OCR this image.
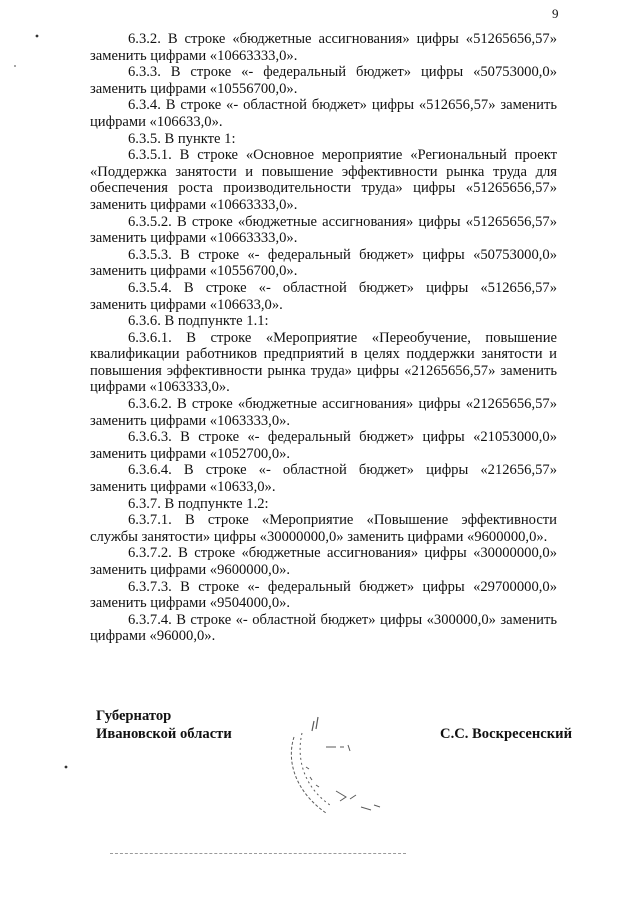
9

6.3.2. В строке «бюджетные ассигнования» цифры «51265656,57» заменить цифрами «10663333,0».

6.3.3. В строке «- федеральный бюджет» цифры «50753000,0» заменить цифрами «10556700,0».

6.3.4. В строке «- областной бюджет» цифры «512656,57» заменить цифрами «106633,0».

6.3.5. В пункте 1:

6.3.5.1. В строке «Основное мероприятие «Региональный проект «Поддержка занятости и повышение эффективности рынка труда для обеспечения роста производительности труда» цифры «51265656,57» заменить цифрами «10663333,0».

6.3.5.2. В строке «бюджетные ассигнования» цифры «51265656,57» заменить цифрами «10663333,0».

6.3.5.3. В строке «- федеральный бюджет» цифры «50753000,0» заменить цифрами «10556700,0».

6.3.5.4. В строке «- областной бюджет» цифры «512656,57» заменить цифрами «106633,0».

6.3.6. В подпункте 1.1:

6.3.6.1. В строке «Мероприятие «Переобучение, повышение квалификации работников предприятий в целях поддержки занятости и повышения эффективности рынка труда» цифры «21265656,57» заменить цифрами «1063333,0».

6.3.6.2. В строке «бюджетные ассигнования» цифры «21265656,57» заменить цифрами «1063333,0».

6.3.6.3. В строке «- федеральный бюджет» цифры «21053000,0» заменить цифрами «1052700,0».

6.3.6.4. В строке «- областной бюджет» цифры «212656,57» заменить цифрами «10633,0».

6.3.7. В подпункте 1.2:

6.3.7.1. В строке «Мероприятие «Повышение эффективности службы занятости» цифры «30000000,0» заменить цифрами «9600000,0».

6.3.7.2. В строке «бюджетные ассигнования» цифры «30000000,0» заменить цифрами «9600000,0».

6.3.7.3. В строке «- федеральный бюджет» цифры «29700000,0» заменить цифрами «9504000,0».

6.3.7.4. В строке «- областной бюджет» цифры «300000,0» заменить цифрами «96000,0».

Губернатор
Ивановской области	С.С. Воскресенский
